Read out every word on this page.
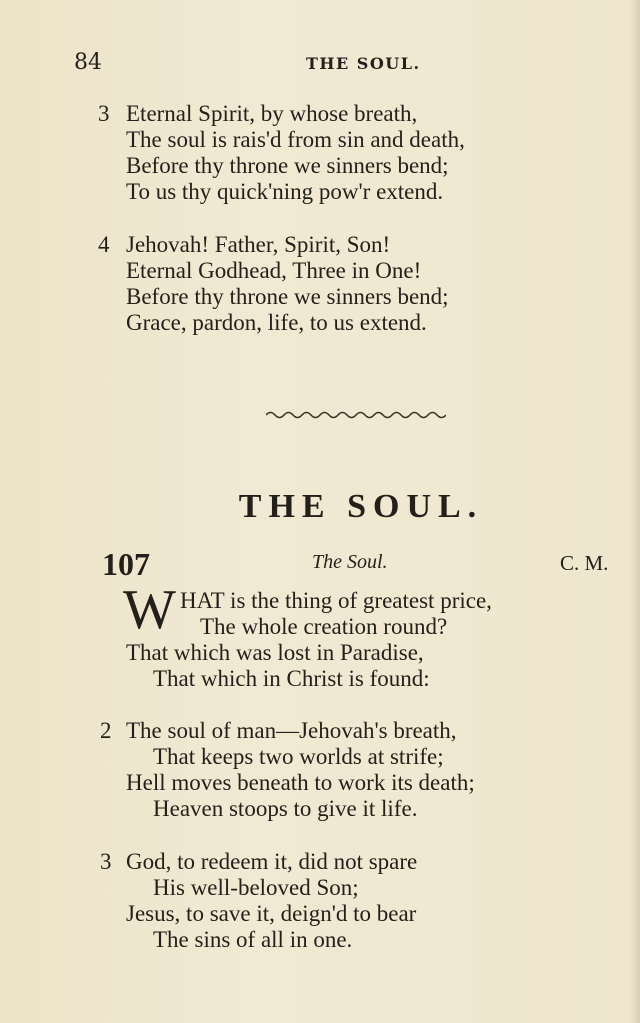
84	THE SOUL.
3 Eternal Spirit, by whose breath,
The soul is rais'd from sin and death,
Before thy throne we sinners bend;
To us thy quick'ning pow'r extend.
4 Jehovah! Father, Spirit, Son!
Eternal Godhead, Three in One!
Before thy throne we sinners bend;
Grace, pardon, life, to us extend.
THE SOUL.
107	The Soul.	C. M.
W HAT is the thing of greatest price,
The whole creation round?
That which was lost in Paradise,
That which in Christ is found:
2 The soul of man—Jehovah's breath,
That keeps two worlds at strife;
Hell moves beneath to work its death;
Heaven stoops to give it life.
3 God, to redeem it, did not spare
His well-beloved Son;
Jesus, to save it, deign'd to bear
The sins of all in one.
